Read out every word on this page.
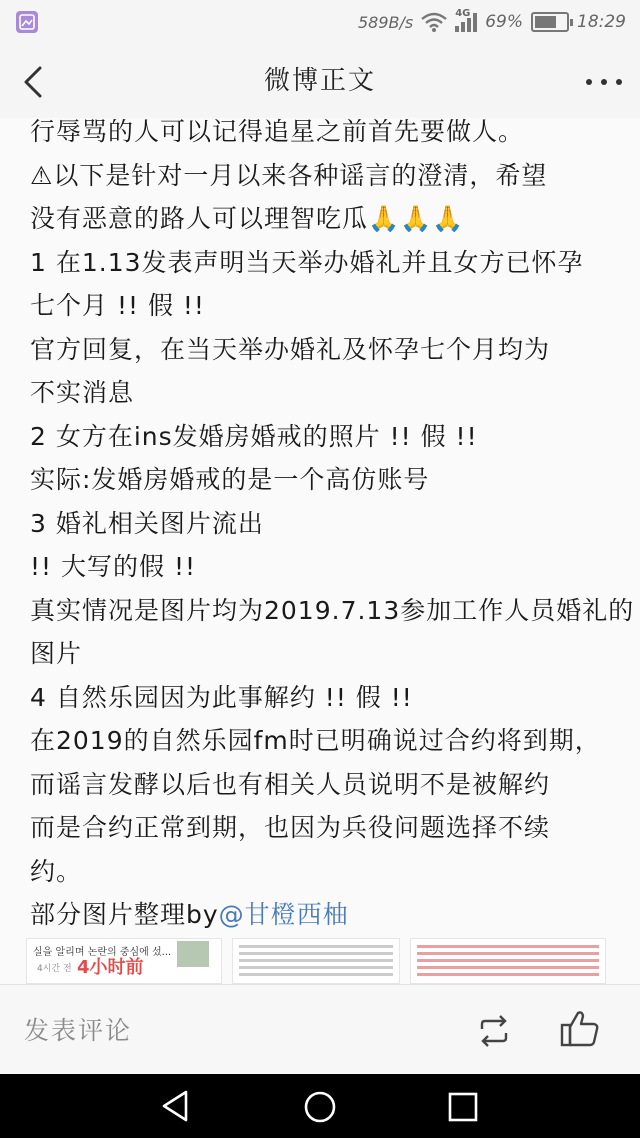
589B/s	4G 69%	18:29
微博正文
行辱骂的人可以记得追星之前首先要做人。
⚠以下是针对一月以来各种谣言的澄清，希望
没有恶意的路人可以理智吃瓜🙏🙏🙏
1 在1.13发表声明当天举办婚礼并且女方已怀孕
七个月 !! 假 !!
官方回复，在当天举办婚礼及怀孕七个月均为
不实消息
2 女方在ins发婚房婚戒的照片 !! 假 !!
实际:发婚房婚戒的是一个高仿账号
3 婚礼相关图片流出
!! 大写的假 !!
真实情况是图片均为2019.7.13参加工作人员婚礼的
图片
4 自然乐园因为此事解约 !! 假 !!
在2019的自然乐园fm时已明确说过合约将到期，
而谣言发酵以后也有相关人员说明不是被解约
而是合约正常到期，也因为兵役问题选择不续
约。
部分图片整理by@甘橙西柚
실을 알리며 논란의 중심에 섰...
4시간 전 4小时前
发表评论
